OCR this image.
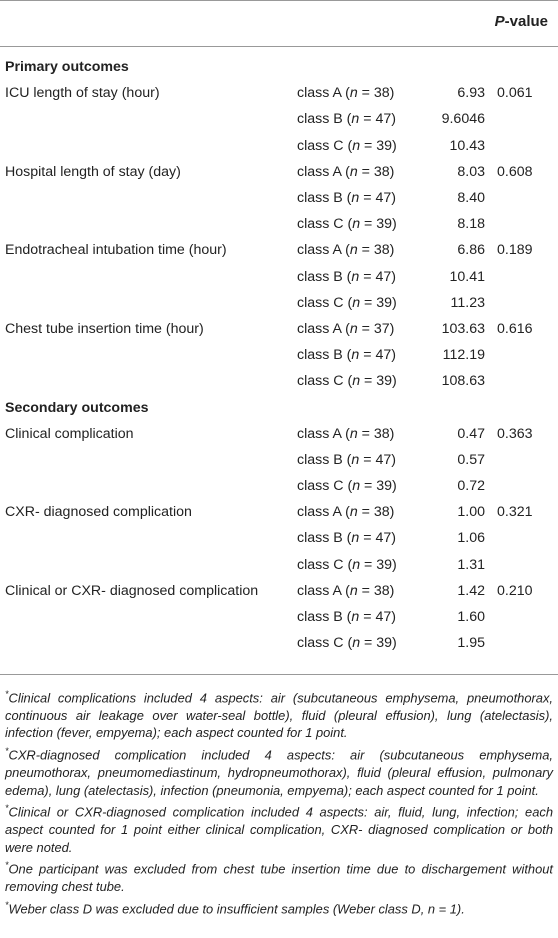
P-value
Primary outcomes			
ICU length of stay (hour)	class A (n = 38)	6.93	0.061
	class B (n = 47)	9.6046	
	class C (n = 39)	10.43	
Hospital length of stay (day)	class A (n = 38)	8.03	0.608
	class B (n = 47)	8.40	
	class C (n = 39)	8.18	
Endotracheal intubation time (hour)	class A (n = 38)	6.86	0.189
	class B (n = 47)	10.41	
	class C (n = 39)	11.23	
Chest tube insertion time (hour)	class A (n = 37)	103.63	0.616
	class B (n = 47)	112.19	
	class C (n = 39)	108.63	
Secondary outcomes			
Clinical complication	class A (n = 38)	0.47	0.363
	class B (n = 47)	0.57	
	class C (n = 39)	0.72	
CXR- diagnosed complication	class A (n = 38)	1.00	0.321
	class B (n = 47)	1.06	
	class C (n = 39)	1.31	
Clinical or CXR- diagnosed complication	class A (n = 38)	1.42	0.210
	class B (n = 47)	1.60	
	class C (n = 39)	1.95	

*Clinical complications included 4 aspects: air (subcutaneous emphysema, pneumothorax, continuous air leakage over water-seal bottle), fluid (pleural effusion), lung (atelectasis), infection (fever, empyema); each aspect counted for 1 point.

*CXR-diagnosed complication included 4 aspects: air (subcutaneous emphysema, pneumothorax, pneumomediastinum, hydropneumothorax), fluid (pleural effusion, pulmonary edema), lung (atelectasis), infection (pneumonia, empyema); each aspect counted for 1 point.

*Clinical or CXR-diagnosed complication included 4 aspects: air, fluid, lung, infection; each aspect counted for 1 point either clinical complication, CXR- diagnosed complication or both were noted.

*One participant was excluded from chest tube insertion time due to dischargement without removing chest tube.

*Weber class D was excluded due to insufficient samples (Weber class D, n = 1).
